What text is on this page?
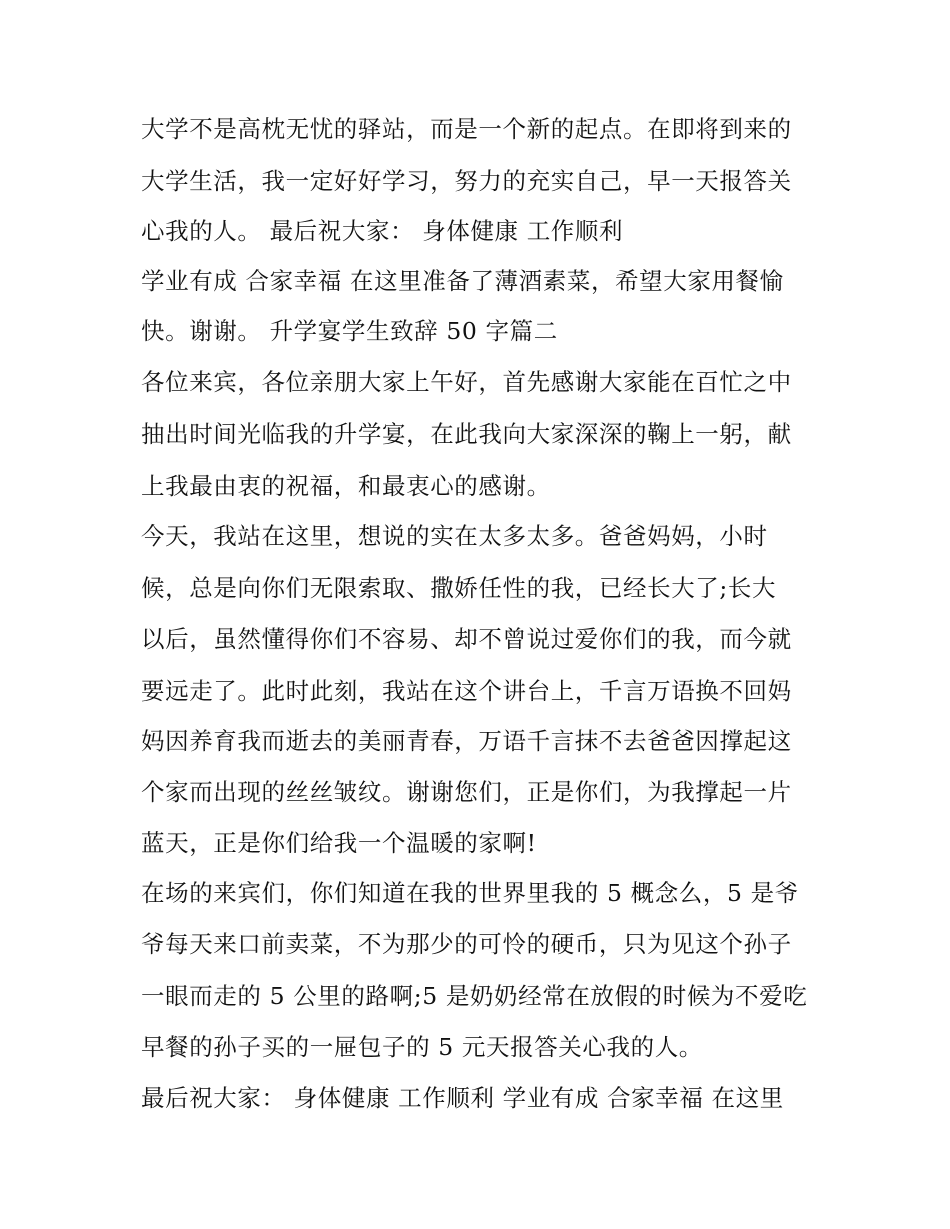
大学不是高枕无忧的驿站，而是一个新的起点。在即将到来的
大学生活，我一定好好学习，努力的充实自己，早一天报答关
心我的人。 最后祝大家： 身体健康 工作顺利
学业有成 合家幸福 在这里准备了薄酒素菜，希望大家用餐愉
快。谢谢。 升学宴学生致辞 50 字篇二
各位来宾，各位亲朋大家上午好，首先感谢大家能在百忙之中
抽出时间光临我的升学宴，在此我向大家深深的鞠上一躬，献
上我最由衷的祝福，和最衷心的感谢。
今天，我站在这里，想说的实在太多太多。爸爸妈妈，小时
候，总是向你们无限索取、撒娇任性的我，已经长大了;长大
以后，虽然懂得你们不容易、却不曾说过爱你们的我，而今就
要远走了。此时此刻，我站在这个讲台上，千言万语换不回妈
妈因养育我而逝去的美丽青春，万语千言抹不去爸爸因撑起这
个家而出现的丝丝皱纹。谢谢您们，正是你们，为我撑起一片
蓝天，正是你们给我一个温暖的家啊!
在场的来宾们，你们知道在我的世界里我的 5 概念么，5 是爷
爷每天来口前卖菜，不为那少的可怜的硬币，只为见这个孙子
一眼而走的 5 公里的路啊;5 是奶奶经常在放假的时候为不爱吃
早餐的孙子买的一屉包子的 5 元天报答关心我的人。
最后祝大家： 身体健康 工作顺利 学业有成 合家幸福 在这里
